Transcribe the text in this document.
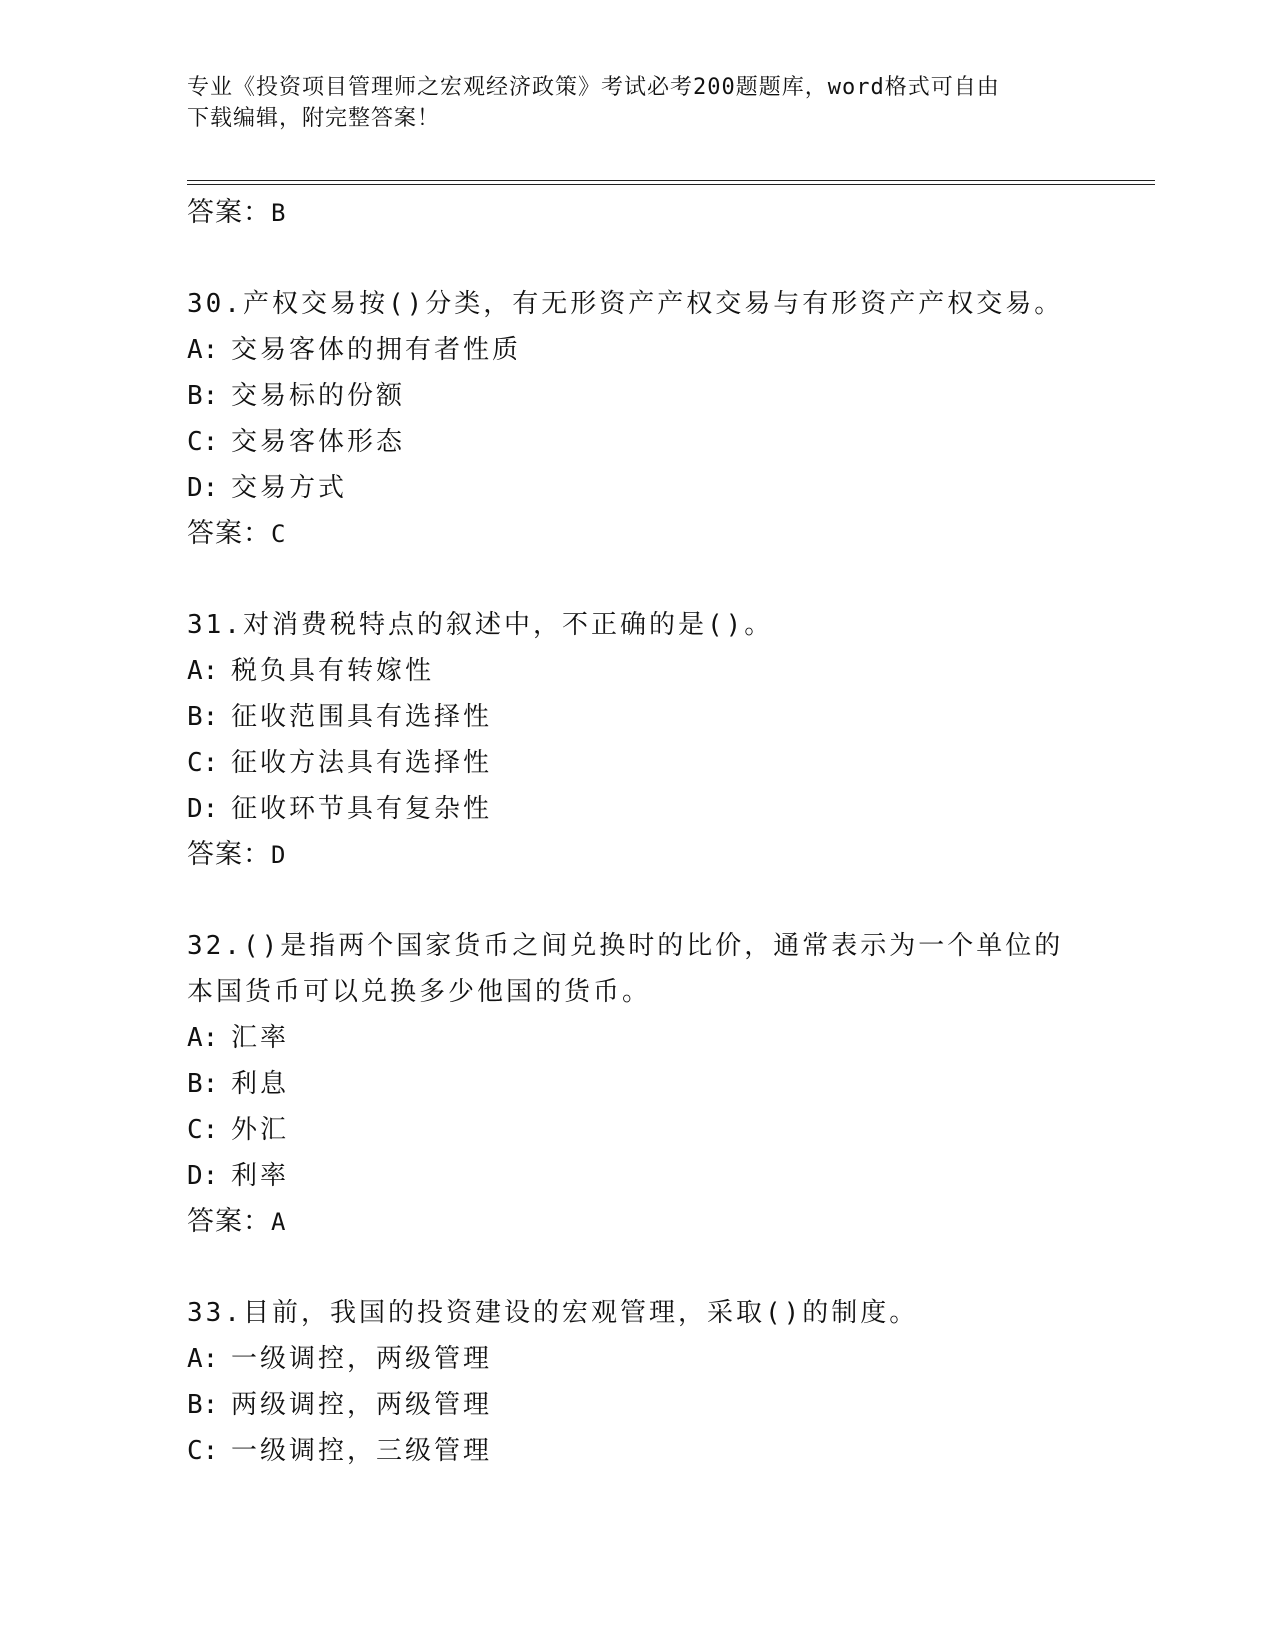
专业《投资项目管理师之宏观经济政策》考试必考200题题库，word格式可自由
下载编辑，附完整答案！
答案：B
30.产权交易按()分类，有无形资产产权交易与有形资产产权交易。
A: 交易客体的拥有者性质
B: 交易标的份额
C: 交易客体形态
D: 交易方式
答案：C
31.对消费税特点的叙述中，不正确的是()。
A: 税负具有转嫁性
B: 征收范围具有选择性
C: 征收方法具有选择性
D: 征收环节具有复杂性
答案：D
32.()是指两个国家货币之间兑换时的比价，通常表示为一个单位的本国货币可以兑换多少他国的货币。
A: 汇率
B: 利息
C: 外汇
D: 利率
答案：A
33.目前，我国的投资建设的宏观管理，采取()的制度。
A: 一级调控，两级管理
B: 两级调控，两级管理
C: 一级调控，三级管理
